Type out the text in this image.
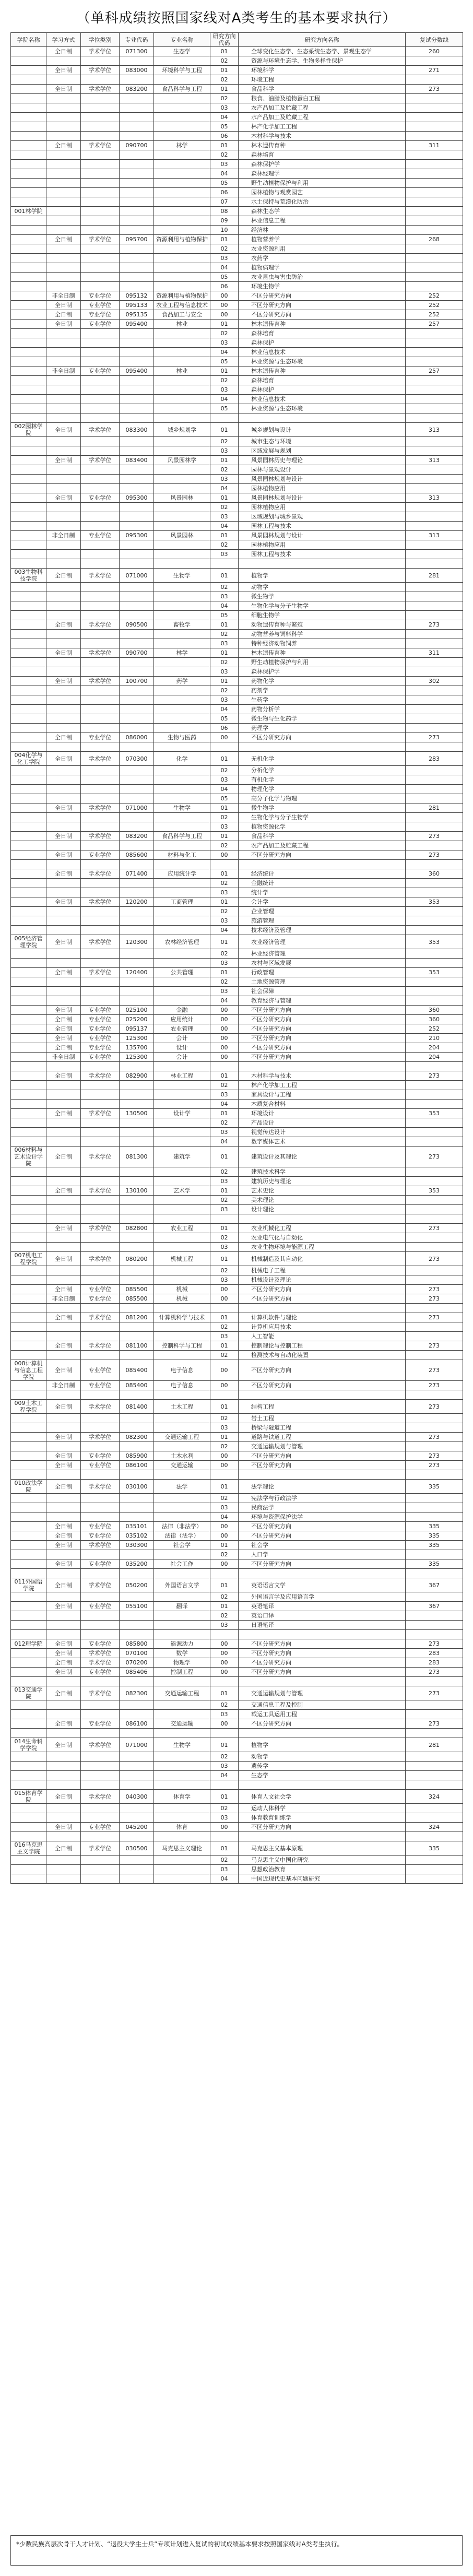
（单科成绩按照国家线对A类考生的基本要求执行）
学院名称	学习方式	学位类别	专业代码	专业名称	研究方向代码	研究方向名称	复试分数线
	全日制	学术学位	071300	生态学	01	全球变化生态学、生态系统生态学、景观生态学	260
					02	资源与环境生态学、生物多样性保护	
	全日制	学术学位	083000	环境科学与工程	01	环境科学	271
					02	环境工程	
	全日制	学术学位	083200	食品科学与工程	01	食品科学	273
					02	粮食、油脂及植物蛋白工程	
					03	农产品加工及贮藏工程	
					04	水产品加工及贮藏工程	
					05	林产化学加工工程	
					06	木材科学与技术	
	全日制	学术学位	090700	林学	01	林木遗传育种	311
					02	森林培育	
					03	森林保护学	
					04	森林经理学	
					05	野生动植物保护与利用	
					06	园林植物与观赏园艺	
					07	水土保持与荒漠化防治	
001林学院					08	森林生态学	
					09	林业信息工程	
					10	经济林	
	全日制	学术学位	095700	资源利用与植物保护	01	植物营养学	268
					02	农业资源利用	
					03	农药学	
					04	植物病理学	
					05	农业昆虫与害虫防治	
					06	环境生物学	
	非全日制	专业学位	095132	资源利用与植物保护	00	不区分研究方向	252
	全日制	专业学位	095133	农业工程与信息技术	00	不区分研究方向	252
	全日制	专业学位	095135	食品加工与安全	00	不区分研究方向	252
	全日制	专业学位	095400	林业	01	林木遗传育种	257
					02	森林培育	
					03	森林保护	
					04	林业信息技术	
					05	林业资源与生态环境	
	非全日制	专业学位	095400	林业	01	林木遗传育种	257
					02	森林培育	
					03	森林保护	
					04	林业信息技术	
					05	林业资源与生态环境	

002园林学院	全日制	学术学位	083300	城乡规划学	01	城乡规划与设计	313
					02	城市生态与环境	
					03	区域发展与规划	
	全日制	学术学位	083400	风景园林学	01	风景园林历史与理论	313
					02	园林与景观设计	
					03	风景园林规划与设计	
					04	园林植物应用	
	全日制	专业学位	095300	风景园林	01	风景园林规划与设计	313
					02	园林植物应用	
					03	区域规划与城乡景观	
					04	园林工程与技术	
	非全日制	专业学位	095300	风景园林	01	风景园林规划与设计	313
					02	园林植物应用	
					03	园林工程与技术	

003生物科技学院	全日制	学术学位	071000	生物学	01	植物学	281
					02	动物学	
					03	微生物学	
					04	生物化学与分子生物学	
					05	细胞生物学	
	全日制	学术学位	090500	畜牧学	01	动物遗传育种与繁殖	273
					02	动物营养与饲料科学	
					03	特种经济动物饲养	
	全日制	学术学位	090700	林学	01	林木遗传育种	311
					02	野生动植物保护与利用	
					03	森林保护学	
	全日制	学术学位	100700	药学	01	药物化学	302
					02	药剂学	
					03	生药学	
					04	药物分析学	
					05	微生物与生化药学	
					06	药理学	
	全日制	专业学位	086000	生物与医药	00	不区分研究方向	273

004化学与化工学院	全日制	学术学位	070300	化学	01	无机化学	283
					02	分析化学	
					03	有机化学	
					04	物理化学	
					05	高分子化学与物理	
	全日制	学术学位	071000	生物学	01	微生物学	281
					02	生物化学与分子生物学	
					03	植物资源化学	
	全日制	学术学位	083200	食品科学与工程	01	食品科学	273
					02	农产品加工及贮藏工程	
	全日制	专业学位	085600	材料与化工	00	不区分研究方向	273

	全日制	学术学位	071400	应用统计学	01	经济统计	360
					02	金融统计	
					03	统计学	
	全日制	学术学位	120200	工商管理	01	会计学	353
					02	企业管理	
					03	旅游管理	
					04	技术经济及管理	
005经济管理学院	全日制	学术学位	120300	农林经济管理	01	农业经济管理	353
					02	林业经济管理	
					03	农村与区域发展	
	全日制	学术学位	120400	公共管理	01	行政管理	353
					02	土地资源管理	
					03	社会保障	
					04	教育经济与管理	
	全日制	专业学位	025100	金融	00	不区分研究方向	360
	全日制	专业学位	025200	应用统计	00	不区分研究方向	360
	全日制	专业学位	095137	农业管理	00	不区分研究方向	252
	全日制	专业学位	125300	会计	00	不区分研究方向	210
	全日制	专业学位	135700	设计	00	不区分研究方向	204
	非全日制	专业学位	125300	会计	00	不区分研究方向	204

	全日制	学术学位	082900	林业工程	01	木材科学与技术	273
					02	林产化学加工工程	
					03	家具设计与工程	
					04	木质复合材料	
	全日制	学术学位	130500	设计学	01	环境设计	353
					02	产品设计	
					03	视觉传达设计	
					04	数字媒体艺术	
006材料与艺术设计学院	全日制	学术学位	081300	建筑学	01	建筑设计及其理论	273
					02	建筑技术科学	
					03	建筑历史与理论	
	全日制	学术学位	130100	艺术学	01	艺术史论	353
					02	美术理论	
					03	设计理论	

	全日制	学术学位	082800	农业工程	01	农业机械化工程	273
					02	农业电气化与自动化	
					03	农业生物环境与能源工程	
007机电工程学院	全日制	学术学位	080200	机械工程	01	机械制造及其自动化	273
					02	机械电子工程	
					03	机械设计及理论	
	全日制	专业学位	085500	机械	00	不区分研究方向	273
	非全日制	专业学位	085500	机械	00	不区分研究方向	273

	全日制	学术学位	081200	计算机科学与技术	01	计算机软件与理论	273
					02	计算机应用技术	
					03	人工智能	
	全日制	学术学位	081100	控制科学与工程	01	控制理论与控制工程	273
					02	检测技术与自动化装置	
008计算机与信息工程学院	全日制	专业学位	085400	电子信息	00	不区分研究方向	273
	非全日制	专业学位	085400	电子信息	00	不区分研究方向	273

009土木工程学院	全日制	学术学位	081400	土木工程	01	结构工程	273
					02	岩土工程	
					03	桥梁与隧道工程	
	全日制	学术学位	082300	交通运输工程	01	道路与铁道工程	273
					02	交通运输规划与管理	
	全日制	专业学位	085900	土木水利	00	不区分研究方向	273
	全日制	专业学位	086100	交通运输	00	不区分研究方向	273

010政法学院	全日制	学术学位	030100	法学	01	法学理论	335
					02	宪法学与行政法学	
					03	民商法学	
					04	环境与资源保护法学	
	全日制	专业学位	035101	法律（非法学）	00	不区分研究方向	335
	全日制	专业学位	035102	法律（法学）	00	不区分研究方向	335
	全日制	学术学位	030300	社会学	01	社会学	335
					02	人口学	
	全日制	专业学位	035200	社会工作	00	不区分研究方向	335

011外国语学院	全日制	学术学位	050200	外国语言文学	01	英语语言文学	367
					02	外国语言学及应用语言学	
	全日制	专业学位	055100	翻译	01	英语笔译	367
					02	英语口译	
					03	日语笔译	

012理学院	全日制	专业学位	085800	能源动力	00	不区分研究方向	273
	全日制	学术学位	070100	数学	00	不区分研究方向	283
	全日制	学术学位	070200	物理学	00	不区分研究方向	283
	全日制	专业学位	085406	控制工程	00	不区分研究方向	273

013交通学院	全日制	学术学位	082300	交通运输工程	01	交通运输规划与管理	273
					02	交通信息工程及控制	
					03	载运工具运用工程	
	全日制	专业学位	086100	交通运输	00	不区分研究方向	273

014生命科学学院	全日制	学术学位	071000	生物学	01	植物学	281
					02	动物学	
					03	遗传学	
					04	生态学	

015体育学院	全日制	学术学位	040300	体育学	01	体育人文社会学	324
					02	运动人体科学	
					03	体育教育训练学	
	全日制	专业学位	045200	体育	00	不区分研究方向	324

016马克思主义学院	全日制	学术学位	030500	马克思主义理论	01	马克思主义基本原理	335
					02	马克思主义中国化研究	
					03	思想政治教育	
					04	中国近现代史基本问题研究	
*少数民族高层次骨干人才计划、“退役大学生士兵”专项计划进入复试的初试成绩基本要求按照国家线对A类考生执行。
